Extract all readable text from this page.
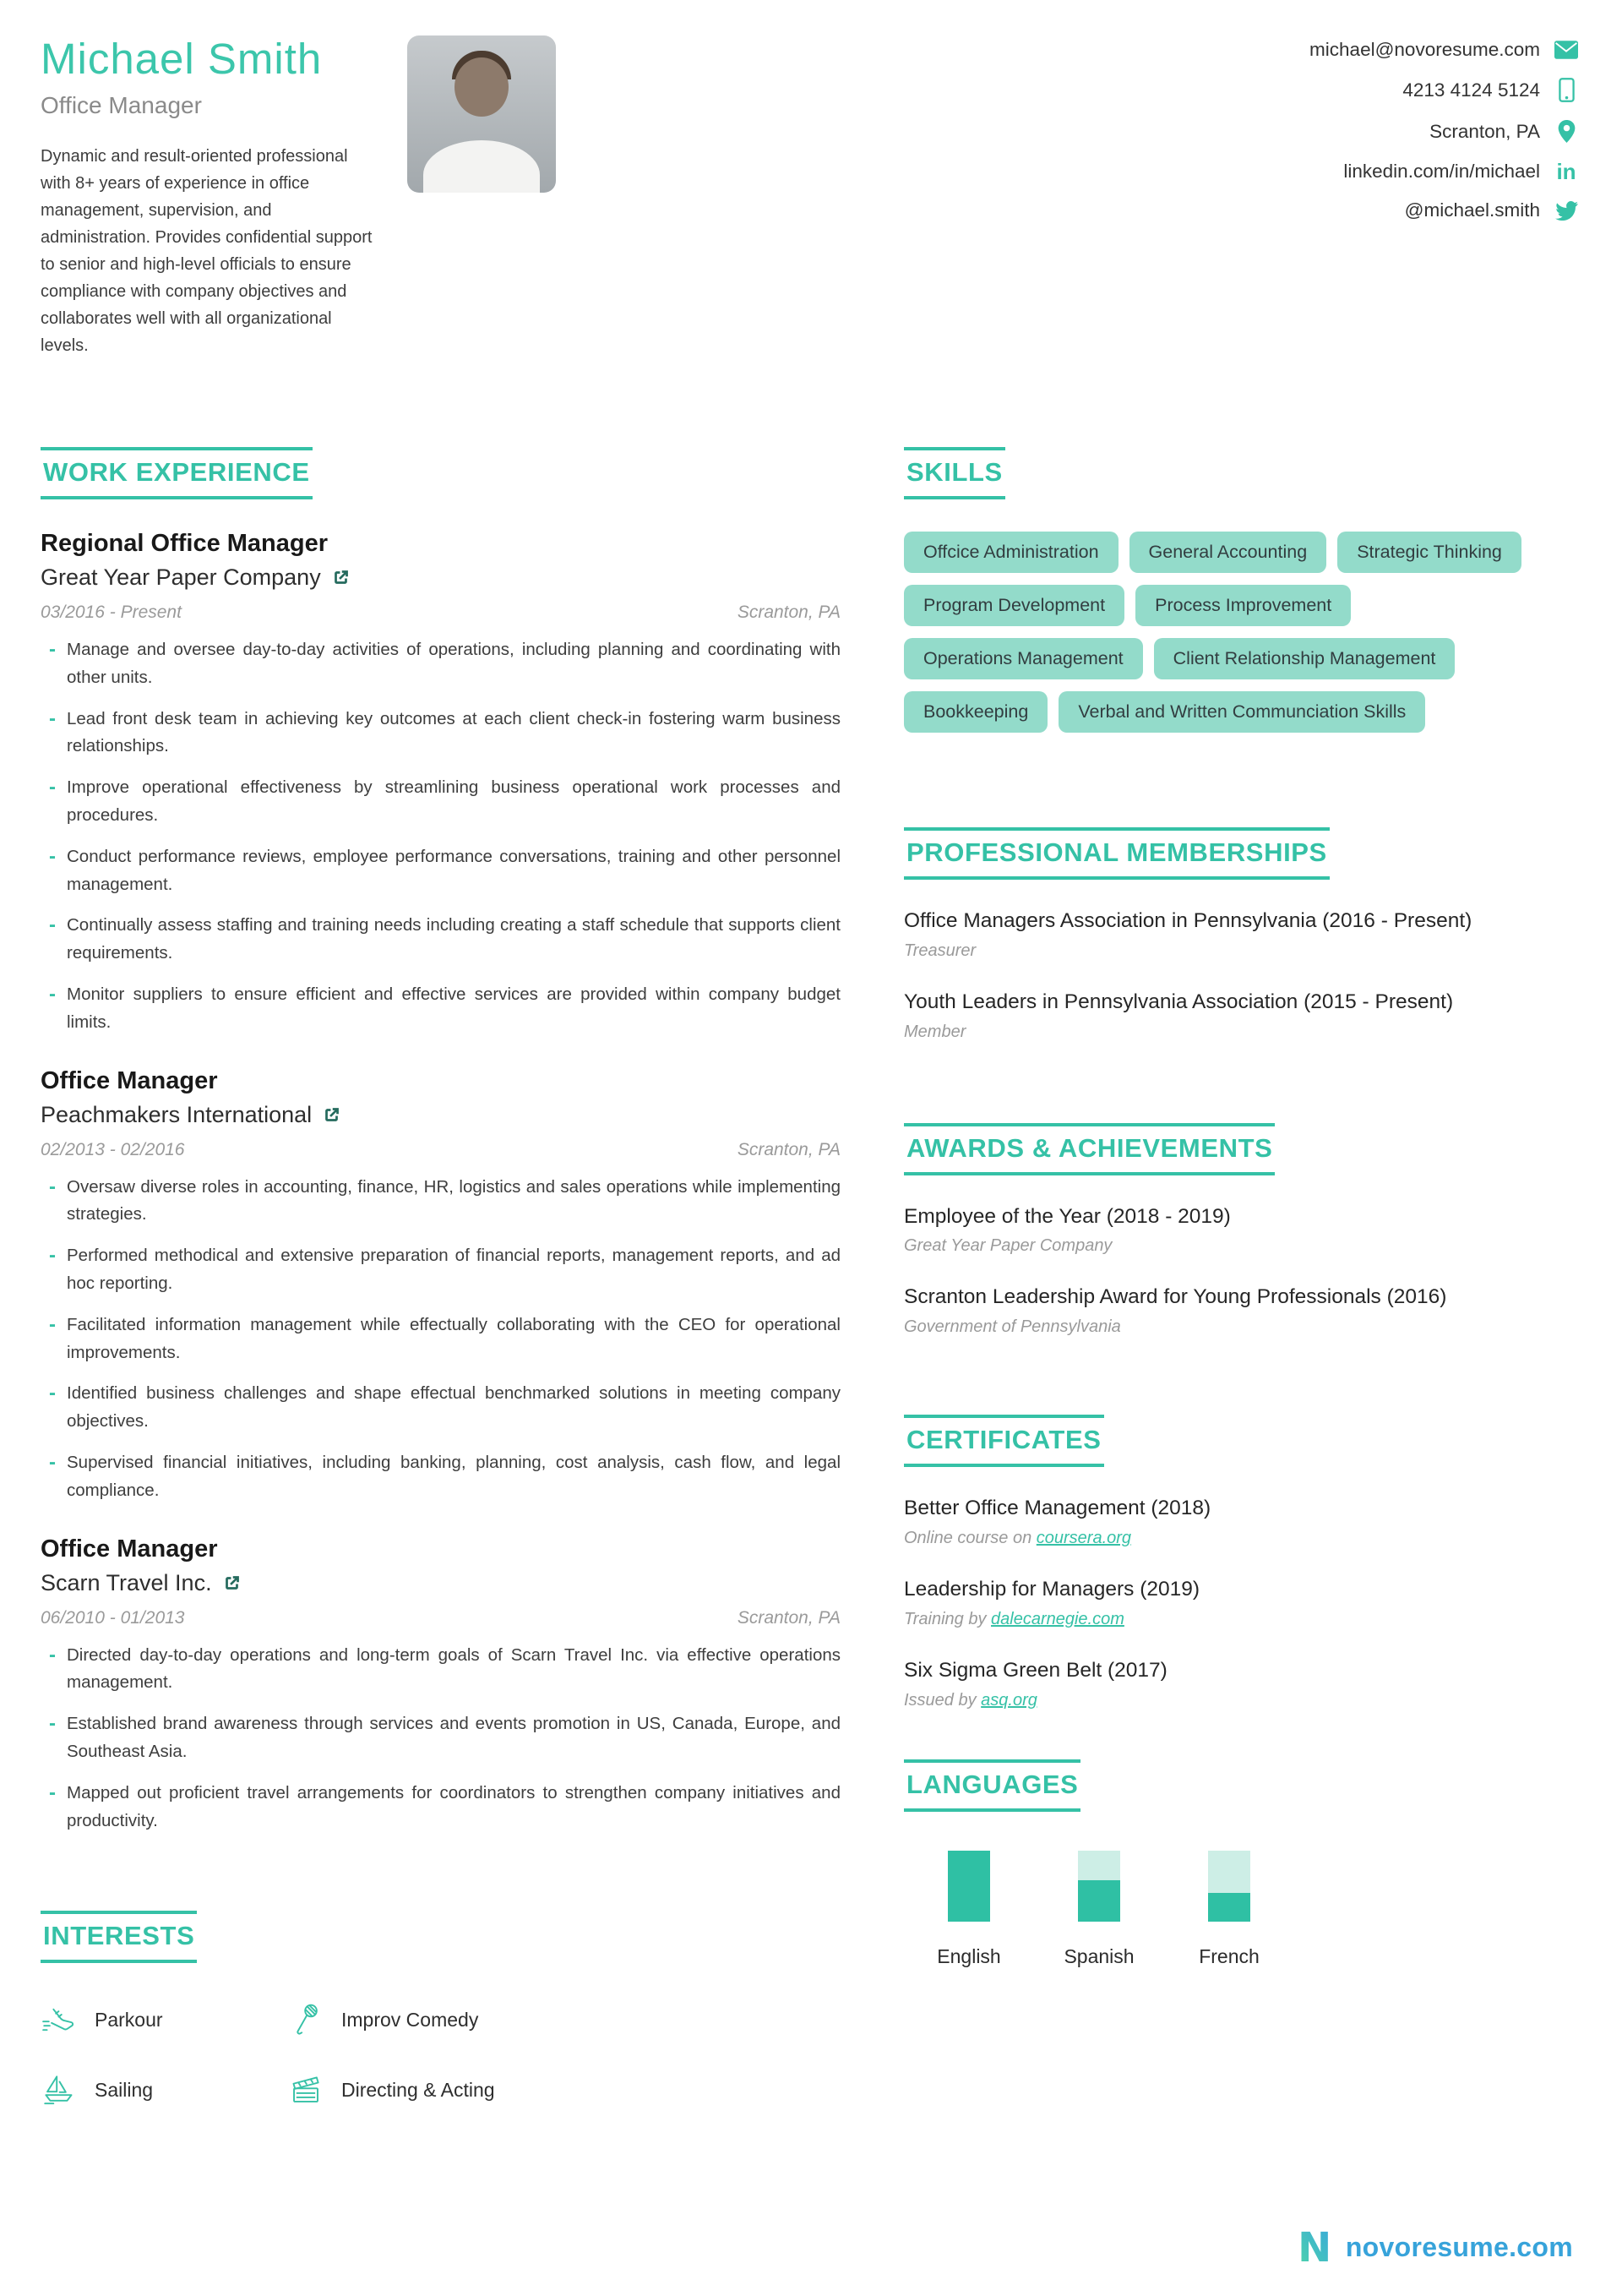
Michael Smith
Office Manager

Dynamic and result-oriented professional with 8+ years of experience in office management, supervision, and administration. Provides confidential support to senior and high-level officials to ensure compliance with company objectives and collaborates well with all organizational levels.

michael@novoresume.com
4213 4124 5124
Scranton, PA
linkedin.com/in/michael in
@michael.smith
WORK EXPERIENCE
Regional Office Manager
Great Year Paper Company
03/2016 - Present	Scranton, PA
- Manage and oversee day-to-day activities of operations, including planning and coordinating with other units.
- Lead front desk team in achieving key outcomes at each client check-in fostering warm business relationships.
- Improve operational effectiveness by streamlining business operational work processes and procedures.
- Conduct performance reviews, employee performance conversations, training and other personnel management.
- Continually assess staffing and training needs including creating a staff schedule that supports client requirements.
- Monitor suppliers to ensure efficient and effective services are provided within company budget limits.
Office Manager
Peachmakers International
02/2013 - 02/2016	Scranton, PA
- Oversaw diverse roles in accounting, finance, HR, logistics and sales operations while implementing strategies.
- Performed methodical and extensive preparation of financial reports, management reports, and ad hoc reporting.
- Facilitated information management while effectually collaborating with the CEO for operational improvements.
- Identified business challenges and shape effectual benchmarked solutions in meeting company objectives.
- Supervised financial initiatives, including banking, planning, cost analysis, cash flow, and legal compliance.
Office Manager
Scarn Travel Inc.
06/2010 - 01/2013	Scranton, PA
- Directed day-to-day operations and long-term goals of Scarn Travel Inc. via effective operations management.
- Established brand awareness through services and events promotion in US, Canada, Europe, and Southeast Asia.
- Mapped out proficient travel arrangements for coordinators to strengthen company initiatives and productivity.
INTERESTS
Parkour	Improv Comedy
Sailing	Directing & Acting
SKILLS
Offcice Administration	General Accounting	Strategic Thinking
Program Development	Process Improvement
Operations Management	Client Relationship Management
Bookkeeping	Verbal and Written Communciation Skills
PROFESSIONAL MEMBERSHIPS
Office Managers Association in Pennsylvania (2016 - Present)
Treasurer
Youth Leaders in Pennsylvania Association (2015 - Present)
Member
AWARDS & ACHIEVEMENTS
Employee of the Year (2018 - 2019)
Great Year Paper Company
Scranton Leadership Award for Young Professionals (2016)
Government of Pennsylvania
CERTIFICATES
Better Office Management (2018)
Online course on coursera.org
Leadership for Managers (2019)
Training by dalecarnegie.com
Six Sigma Green Belt (2017)
Issued by asq.org
LANGUAGES
English	Spanish	French
N novoresume.com
